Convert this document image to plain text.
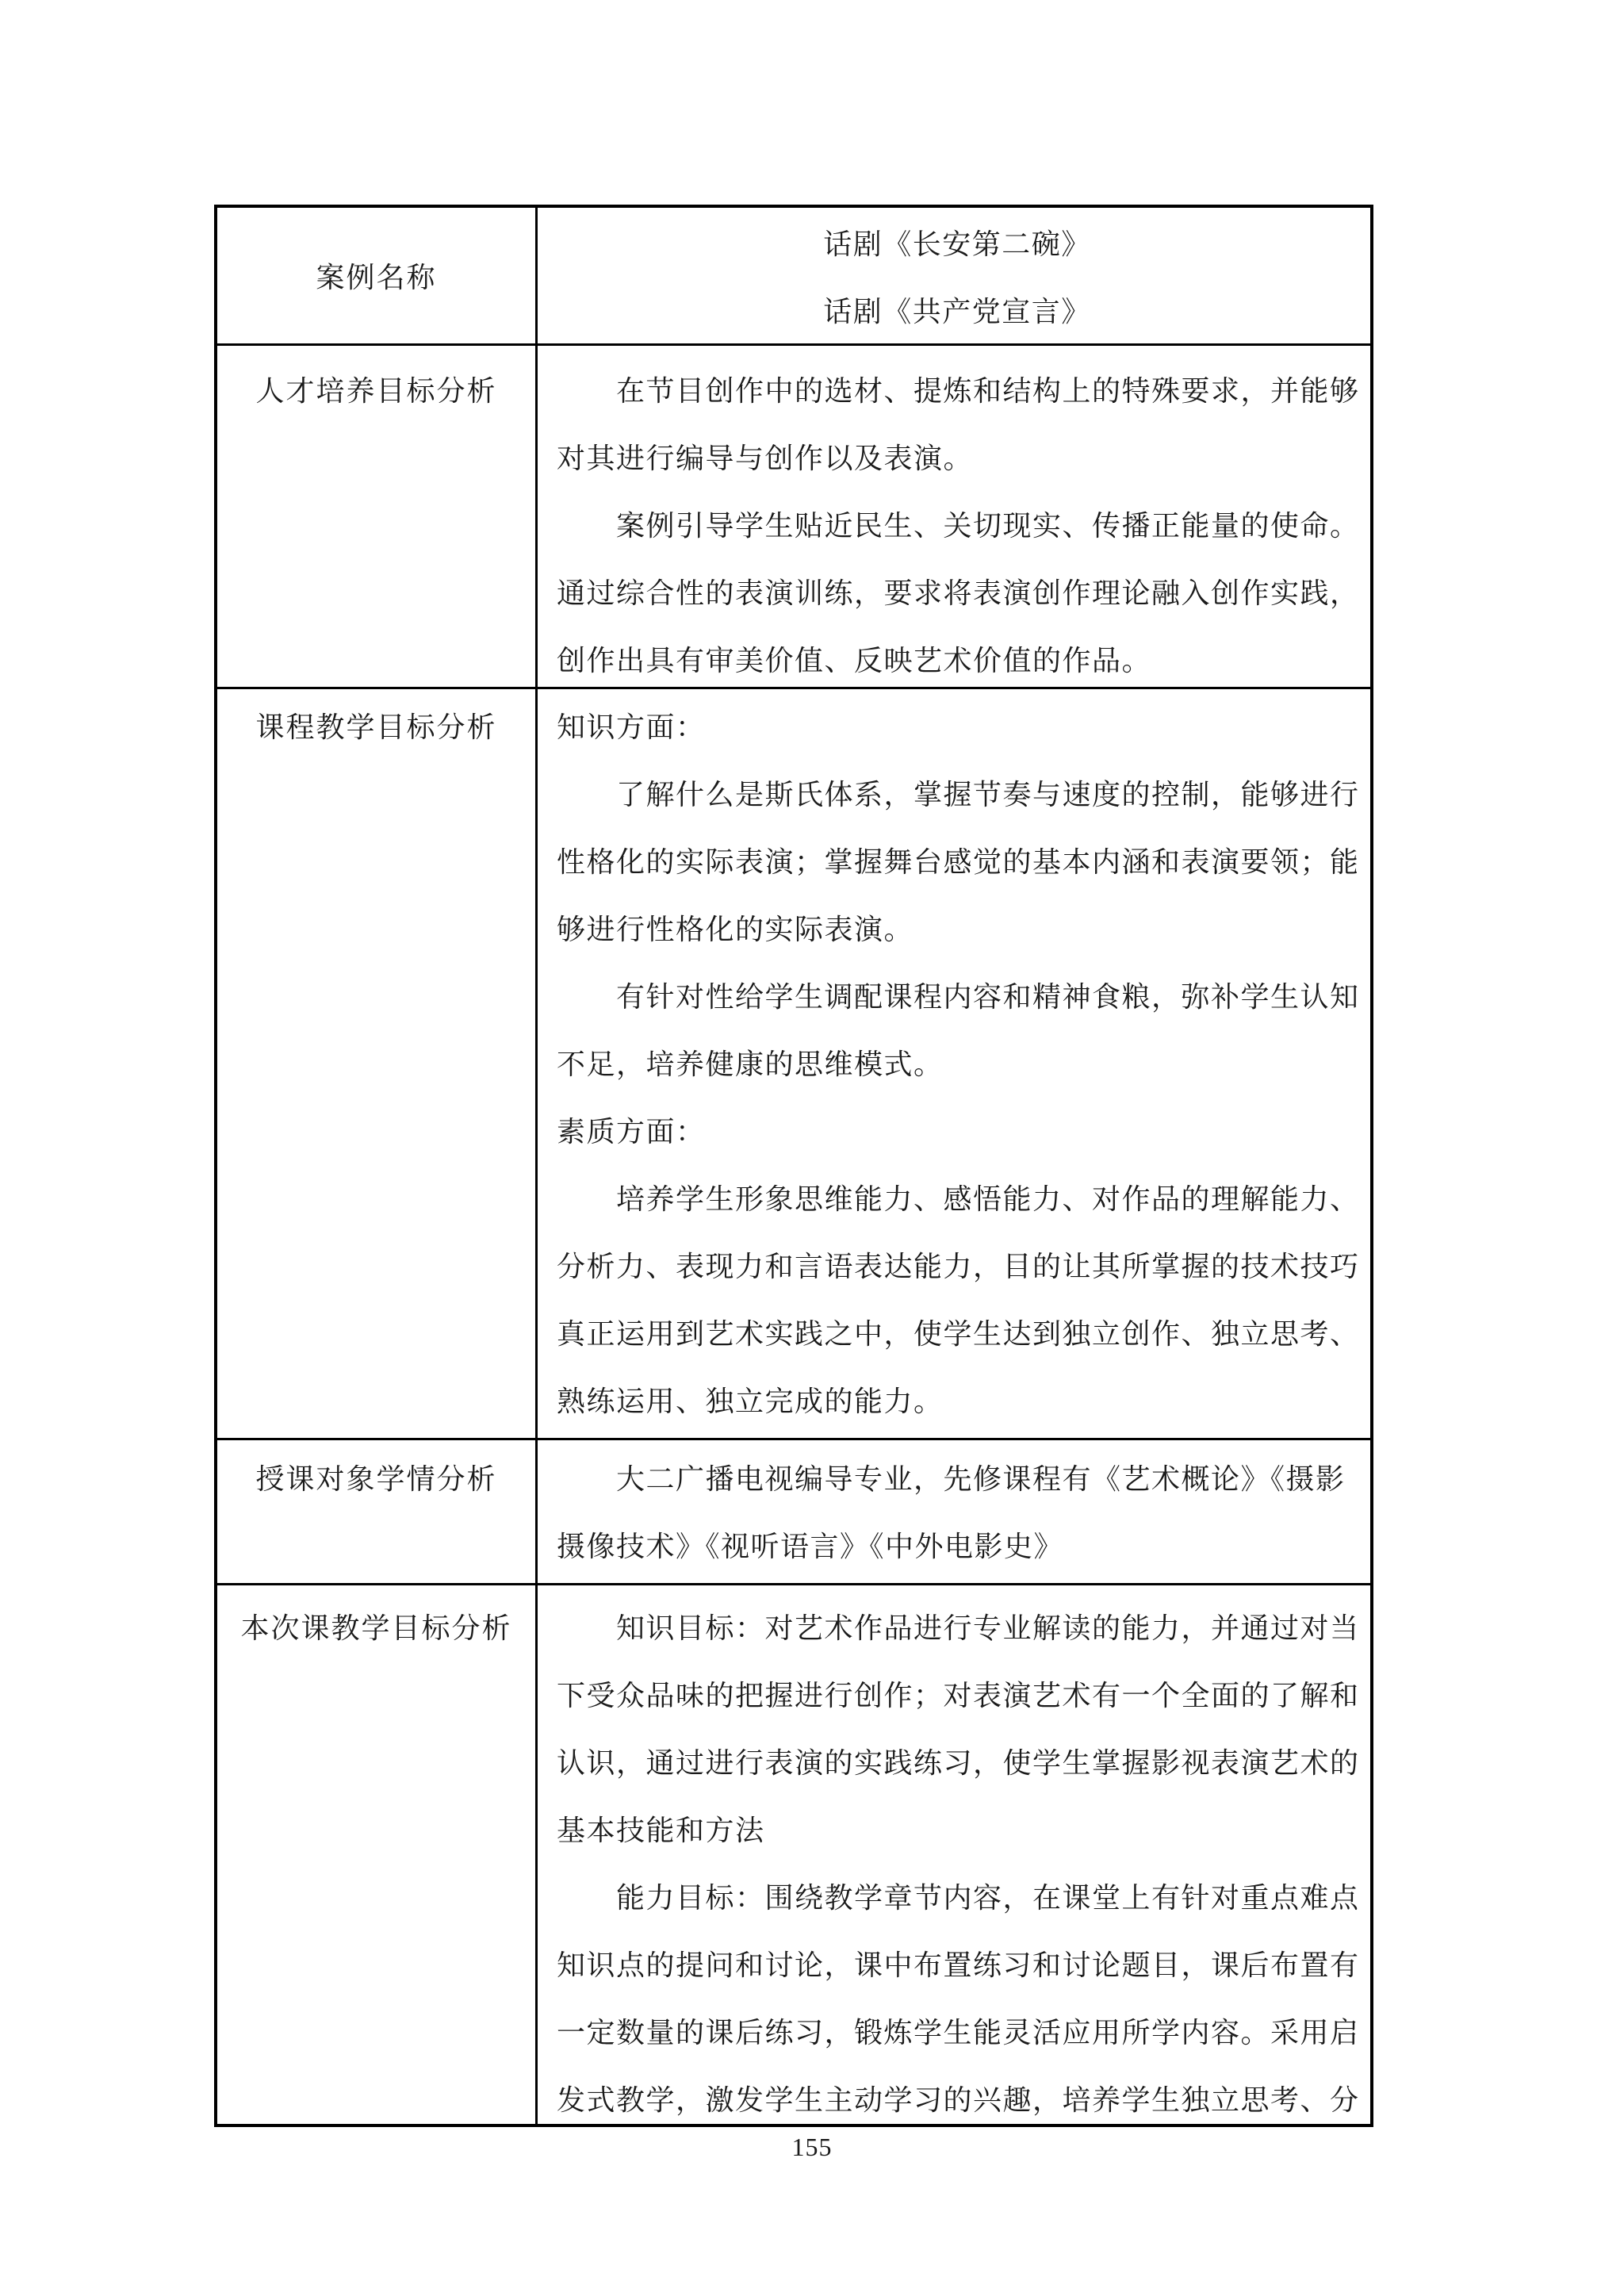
案例名称
话剧《长安第二碗》
话剧《共产党宣言》
人才培养目标分析 　　在节目创作中的选材、提炼和结构上的特殊要求，并能够
对其进行编导与创作以及表演。
　　案例引导学生贴近民生、关切现实、传播正能量的使命。
通过综合性的表演训练，要求将表演创作理论融入创作实践，
创作出具有审美价值、反映艺术价值的作品。
课程教学目标分析 知识方面：
　　了解什么是斯氏体系，掌握节奏与速度的控制，能够进行
性格化的实际表演；掌握舞台感觉的基本内涵和表演要领；能
够进行性格化的实际表演。
　　有针对性给学生调配课程内容和精神食粮，弥补学生认知
不足，培养健康的思维模式。
素质方面：
　　培养学生形象思维能力、感悟能力、对作品的理解能力、
分析力、表现力和言语表达能力，目的让其所掌握的技术技巧
真正运用到艺术实践之中，使学生达到独立创作、独立思考、
熟练运用、独立完成的能力。
授课对象学情分析 　　大二广播电视编导专业，先修课程有《艺术概论》《摄影
摄像技术》《视听语言》《中外电影史》
本次课教学目标分析 　　知识目标：对艺术作品进行专业解读的能力，并通过对当
下受众品味的把握进行创作；对表演艺术有一个全面的了解和
认识，通过进行表演的实践练习，使学生掌握影视表演艺术的
基本技能和方法
　　能力目标：围绕教学章节内容，在课堂上有针对重点难点
知识点的提问和讨论，课中布置练习和讨论题目，课后布置有
一定数量的课后练习，锻炼学生能灵活应用所学内容。采用启
发式教学，激发学生主动学习的兴趣，培养学生独立思考、分
155
